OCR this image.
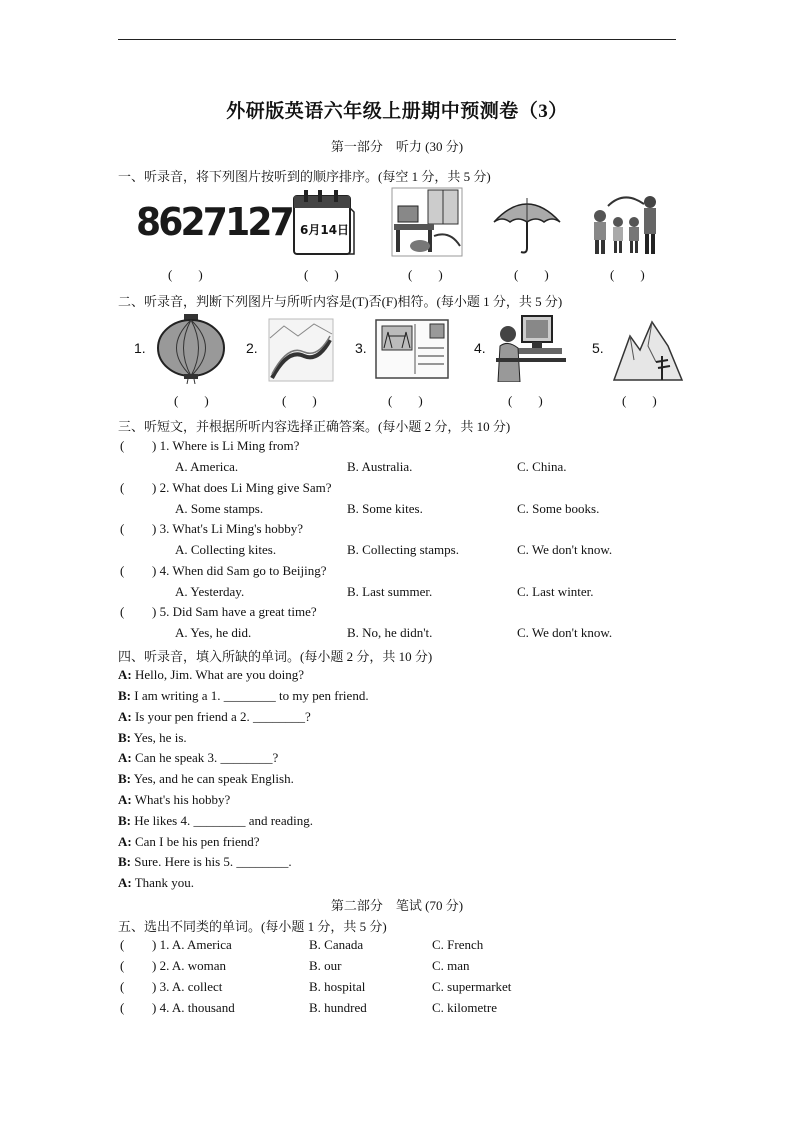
外研版英语六年级上册期中预测卷（3）
第一部分　听力 (30 分)
一、听录音，将下列图片按听到的顺序排序。(每空 1 分，共 5 分)
8627127 6月14日
(　　)	(　　)	(　　)	(　　)	(　　)
二、听录音，判断下列图片与所听内容是(T)否(F)相符。(每小题 1 分，共 5 分)
1.	2.	3.	4.	5.
(　　)	(　　)	(　　)	(　　)	(　　)
三、听短文，并根据所听内容选择正确答案。(每小题 2 分，共 10 分)
( ) 1. Where is Li Ming from?
A. America.	B. Australia.	C. China.
( ) 2. What does Li Ming give Sam?
A. Some stamps.	B. Some kites.	C. Some books.
( ) 3. What's Li Ming's hobby?
A. Collecting kites.	B. Collecting stamps.	C. We don't know.
( ) 4. When did Sam go to Beijing?
A. Yesterday.	B. Last summer.	C. Last winter.
( ) 5. Did Sam have a great time?
A. Yes, he did.	B. No, he didn't.	C. We don't know.
四、听录音，填入所缺的单词。(每小题 2 分，共 10 分)
A: Hello, Jim. What are you doing?
B: I am writing a 1. ________ to my pen friend.
A: Is your pen friend a 2. ________?
B: Yes, he is.
A: Can he speak 3. ________?
B: Yes, and he can speak English.
A: What's his hobby?
B: He likes 4. ________ and reading.
A: Can I be his pen friend?
B: Sure. Here is his 5. ________.
A: Thank you.
第二部分　笔试 (70 分)
五、选出不同类的单词。(每小题 1 分，共 5 分)
( ) 1. A. America	B. Canada	C. French
( ) 2. A. woman	B. our	C. man
( ) 3. A. collect	B. hospital	C. supermarket
( ) 4. A. thousand	B. hundred	C. kilometre
